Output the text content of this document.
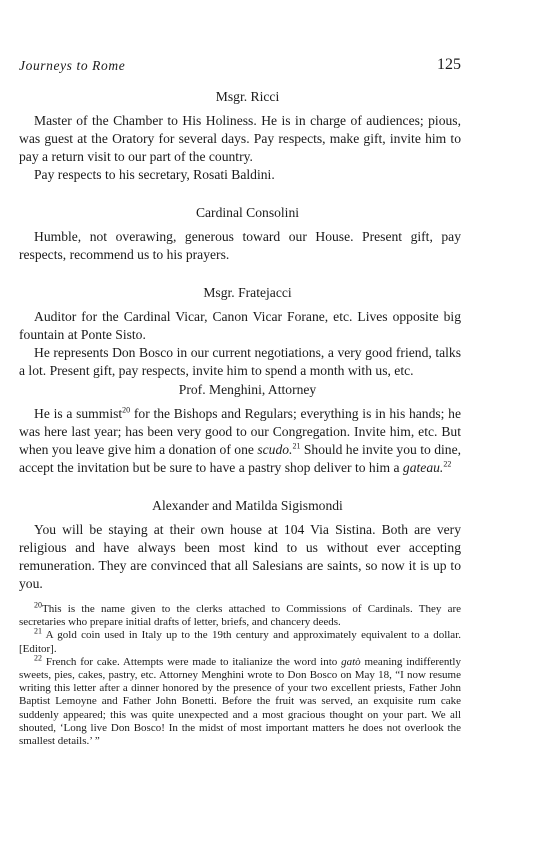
Journeys to Rome	125

Msgr. Ricci

Master of the Chamber to His Holiness. He is in charge of audiences; pious, was guest at the Oratory for several days. Pay respects, make gift, invite him to pay a return visit to our part of the country.

Pay respects to his secretary, Rosati Baldini.

Cardinal Consolini

Humble, not overawing, generous toward our House. Present gift, pay respects, recommend us to his prayers.

Msgr. Fratejacci

Auditor for the Cardinal Vicar, Canon Vicar Forane, etc. Lives opposite big fountain at Ponte Sisto.

He represents Don Bosco in our current negotiations, a very good friend, talks a lot. Present gift, pay respects, invite him to spend a month with us, etc.

Prof. Menghini, Attorney

He is a summist$^{20}$ for the Bishops and Regulars; everything is in his hands; he was here last year; has been very good to our Congregation. Invite him, etc. But when you leave give him a donation of one scudo.$^{21}$ Should he invite you to dine, accept the invitation but be sure to have a pastry shop deliver to him a gateau.$^{22}$

Alexander and Matilda Sigismondi

You will be staying at their own house at 104 Via Sistina. Both are very religious and have always been most kind to us without ever accepting remuneration. They are convinced that all Salesians are saints, so now it is up to you.

$^{20}$This is the name given to the clerks attached to Commissions of Cardinals. They are secretaries who prepare initial drafts of letter, briefs, and chancery deeds.

$^{21}$ A gold coin used in Italy up to the 19th century and approximately equivalent to a dollar. [Editor].

$^{22}$ French for cake. Attempts were made to italianize the word into gatò meaning indifferently sweets, pies, cakes, pastry, etc. Attorney Menghini wrote to Don Bosco on May 18, “I now resume writing this letter after a dinner honored by the presence of your two excellent priests, Father John Baptist Lemoyne and Father John Bonetti. Before the fruit was served, an exquisite rum cake suddenly appeared; this was quite unexpected and a most gracious thought on your part. We all shouted, ‘Long live Don Bosco! In the midst of most important matters he does not overlook the smallest details.’ ”
